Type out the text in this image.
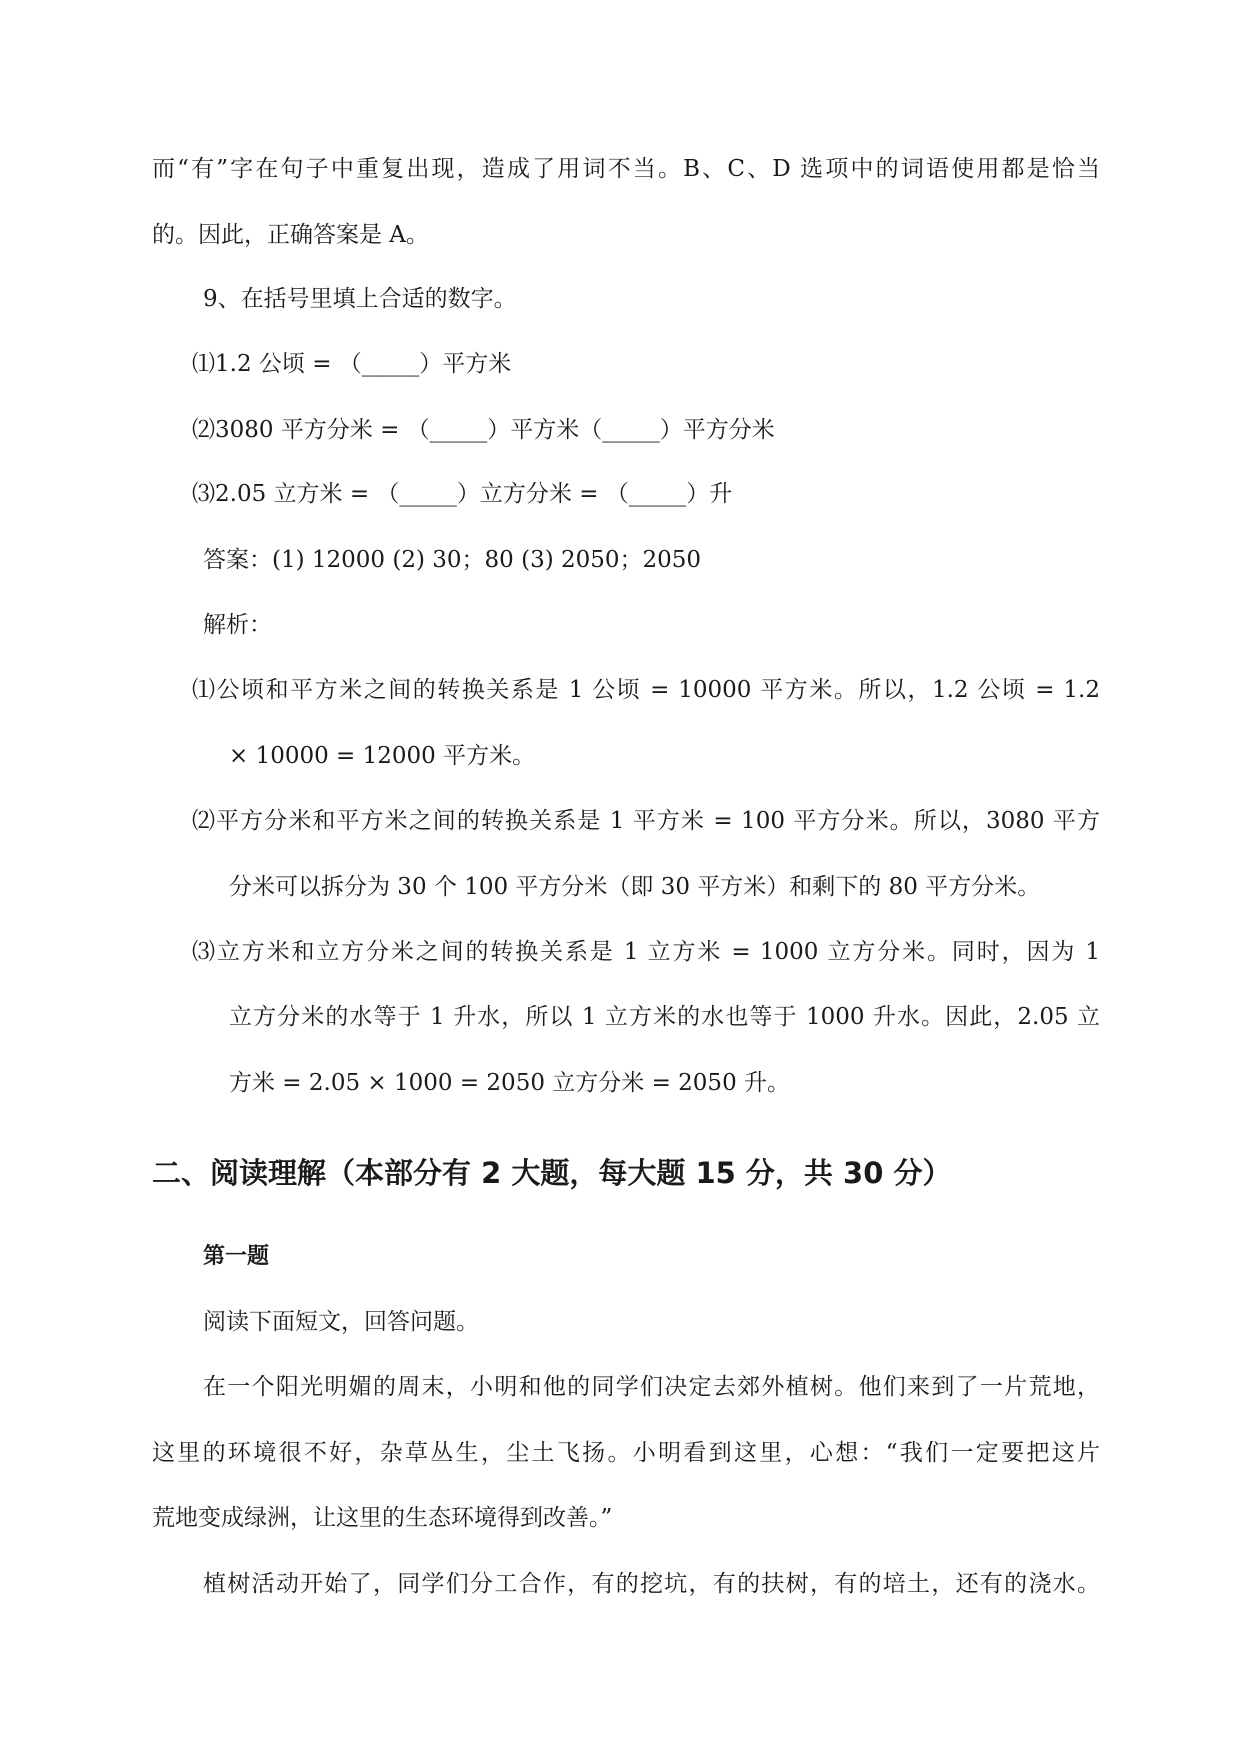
而“有”字在句子中重复出现，造成了用词不当。B、C、D 选项中的词语使用都是恰当
的。因此，正确答案是 A。
9、在括号里填上合适的数字。
⑴1.2 公顷 = （_____）平方米
⑵3080 平方分米 = （_____）平方米（_____）平方分米
⑶2.05 立方米 = （_____）立方分米 = （_____）升
答案：(1) 12000 (2) 30；80 (3) 2050；2050
解析：
⑴公顷和平方米之间的转换关系是 1 公顷 = 10000 平方米。所以，1.2 公顷 = 1.2
× 10000 = 12000 平方米。
⑵平方分米和平方米之间的转换关系是 1 平方米 = 100 平方分米。所以，3080 平方
分米可以拆分为 30 个 100 平方分米（即 30 平方米）和剩下的 80 平方分米。
⑶立方米和立方分米之间的转换关系是 1 立方米 = 1000 立方分米。同时，因为 1
立方分米的水等于 1 升水，所以 1 立方米的水也等于 1000 升水。因此，2.05 立
方米 = 2.05 × 1000 = 2050 立方分米 = 2050 升。
二、阅读理解（本部分有 2 大题，每大题 15 分，共 30 分）
第一题
阅读下面短文，回答问题。
在一个阳光明媚的周末，小明和他的同学们决定去郊外植树。他们来到了一片荒地，
这里的环境很不好，杂草丛生，尘土飞扬。小明看到这里，心想：“我们一定要把这片
荒地变成绿洲，让这里的生态环境得到改善。”
植树活动开始了，同学们分工合作，有的挖坑，有的扶树，有的培土，还有的浇水。
